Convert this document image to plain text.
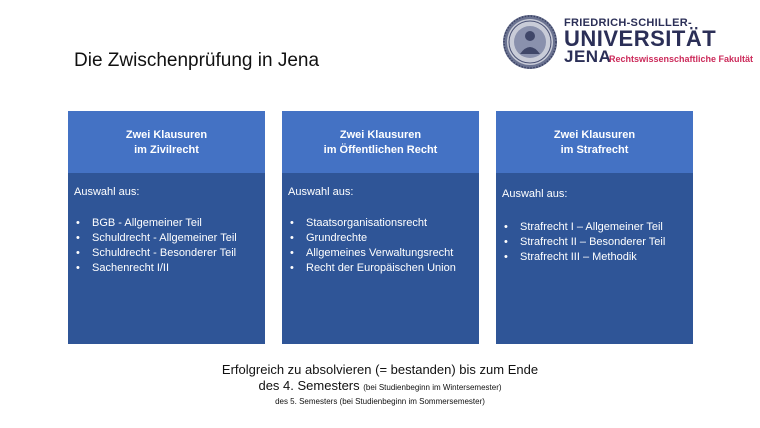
Die Zwischenprüfung in Jena
FRIEDRICH-SCHILLER-
UNIVERSITÄT
JENA
Rechtswissenschaftliche Fakultät
Zwei Klausuren
im Zivilrecht
Auswahl aus:
• BGB - Allgemeiner Teil
• Schuldrecht - Allgemeiner Teil
• Schuldrecht - Besonderer Teil
• Sachenrecht I/II
Zwei Klausuren
im Öffentlichen Recht
Auswahl aus:
• Staatsorganisationsrecht
• Grundrechte
• Allgemeines Verwaltungsrecht
• Recht der Europäischen Union
Zwei Klausuren
im Strafrecht
Auswahl aus:
• Strafrecht I – Allgemeiner Teil
• Strafrecht II – Besonderer Teil
• Strafrecht III – Methodik
Erfolgreich zu absolvieren (= bestanden) bis zum Ende
des 4. Semesters (bei Studienbeginn im Wintersemester)
des 5. Semesters (bei Studienbeginn im Sommersemester)
